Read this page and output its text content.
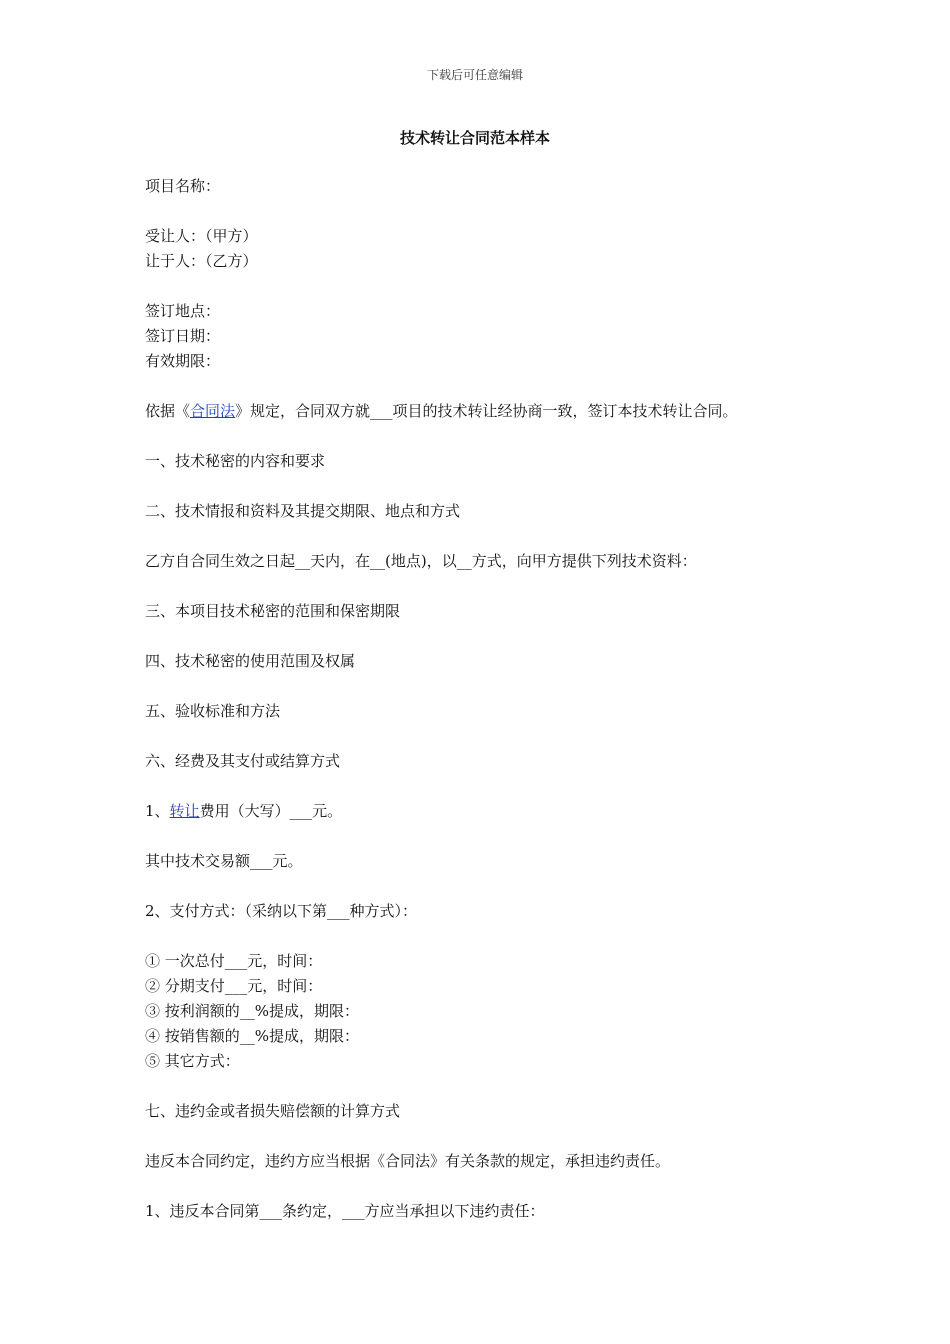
下载后可任意编辑
技术转让合同范本样本
项目名称：
受让人：（甲方）
让于人：（乙方）
签订地点：
签订日期：
有效期限：
依据《合同法》规定，合同双方就___项目的技术转让经协商一致，签订本技术转让合同。
一、技术秘密的内容和要求
二、技术情报和资料及其提交期限、地点和方式
乙方自合同生效之日起__天内，在__(地点)，以__方式，向甲方提供下列技术资料：
三、本项目技术秘密的范围和保密期限
四、技术秘密的使用范围及权属
五、验收标准和方法
六、经费及其支付或结算方式
1、转让费用（大写）___元。
其中技术交易额___元。
2、支付方式：（采纳以下第___种方式）：
① 一次总付___元，时间：
② 分期支付___元，时间：
③ 按利润额的__%提成，期限：
④ 按销售额的__%提成，期限：
⑤ 其它方式：
七、违约金或者损失赔偿额的计算方式
违反本合同约定，违约方应当根据《合同法》有关条款的规定，承担违约责任。
1、违反本合同第___条约定，___方应当承担以下违约责任：
